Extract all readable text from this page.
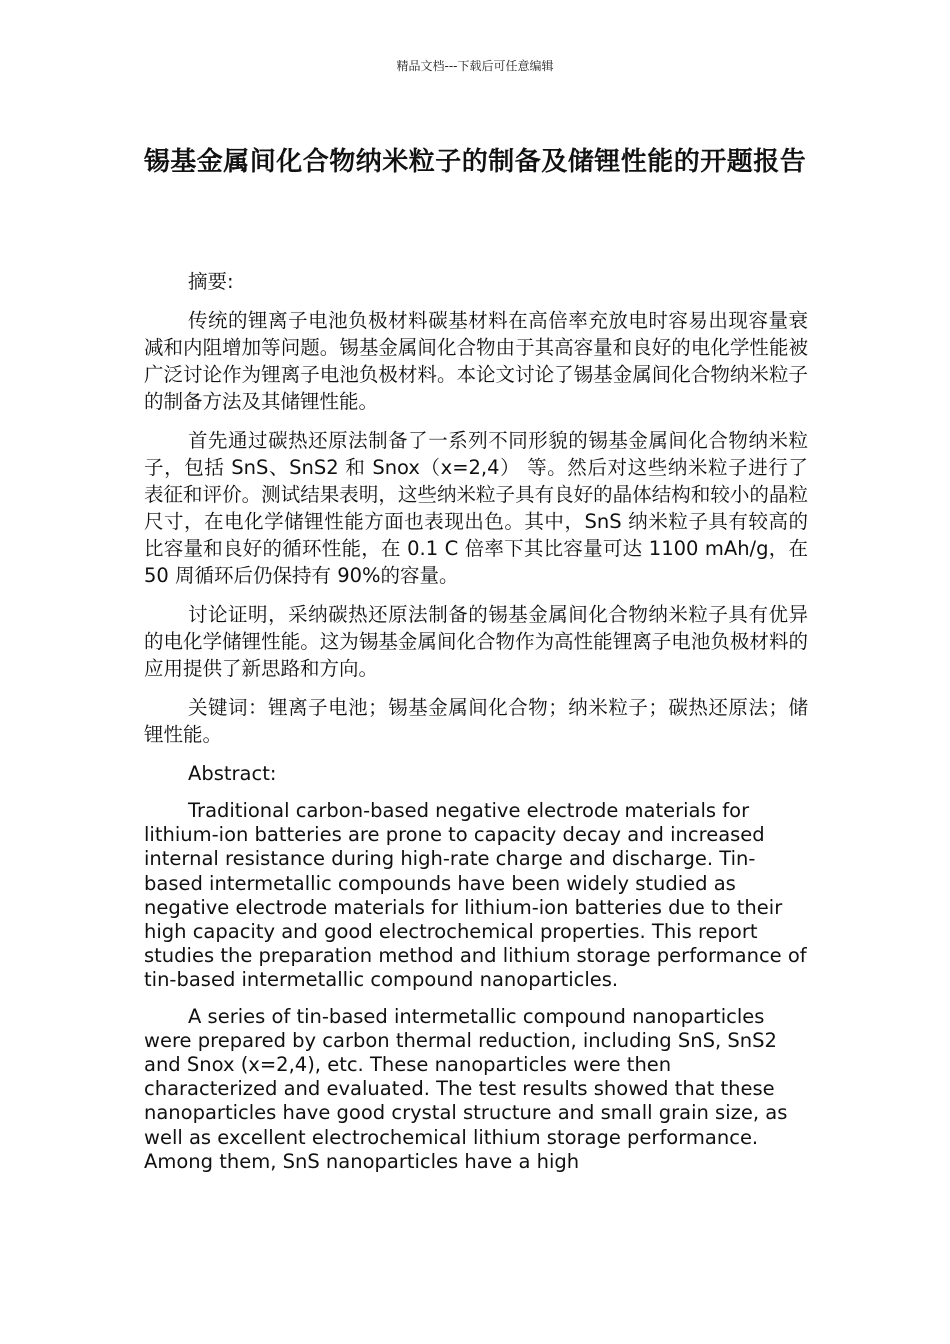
精品文档---下载后可任意编辑
锡基金属间化合物纳米粒子的制备及储锂性能的开题报告
摘要:

传统的锂离子电池负极材料碳基材料在高倍率充放电时容易出现容量衰减和内阻增加等问题。锡基金属间化合物由于其高容量和良好的电化学性能被广泛讨论作为锂离子电池负极材料。本论文讨论了锡基金属间化合物纳米粒子的制备方法及其储锂性能。

首先通过碳热还原法制备了一系列不同形貌的锡基金属间化合物纳米粒子，包括 SnS、SnS2 和 Snox（x=2,4） 等。然后对这些纳米粒子进行了表征和评价。测试结果表明，这些纳米粒子具有良好的晶体结构和较小的晶粒尺寸，在电化学储锂性能方面也表现出色。其中，SnS 纳米粒子具有较高的比容量和良好的循环性能，在 0.1 C 倍率下其比容量可达 1100 mAh/g，在 50 周循环后仍保持有 90%的容量。

讨论证明，采纳碳热还原法制备的锡基金属间化合物纳米粒子具有优异的电化学储锂性能。这为锡基金属间化合物作为高性能锂离子电池负极材料的应用提供了新思路和方向。

关键词：锂离子电池；锡基金属间化合物；纳米粒子；碳热还原法；储锂性能。

Abstract:

Traditional carbon-based negative electrode materials for lithium-ion batteries are prone to capacity decay and increased internal resistance during high-rate charge and discharge. Tin-based intermetallic compounds have been widely studied as negative electrode materials for lithium-ion batteries due to their high capacity and good electrochemical properties. This report studies the preparation method and lithium storage performance of tin-based intermetallic compound nanoparticles.

A series of tin-based intermetallic compound nanoparticles were prepared by carbon thermal reduction, including SnS, SnS2 and Snox (x=2,4), etc. These nanoparticles were then characterized and evaluated. The test results showed that these nanoparticles have good crystal structure and small grain size, as well as excellent electrochemical lithium storage performance. Among them, SnS nanoparticles have a high
